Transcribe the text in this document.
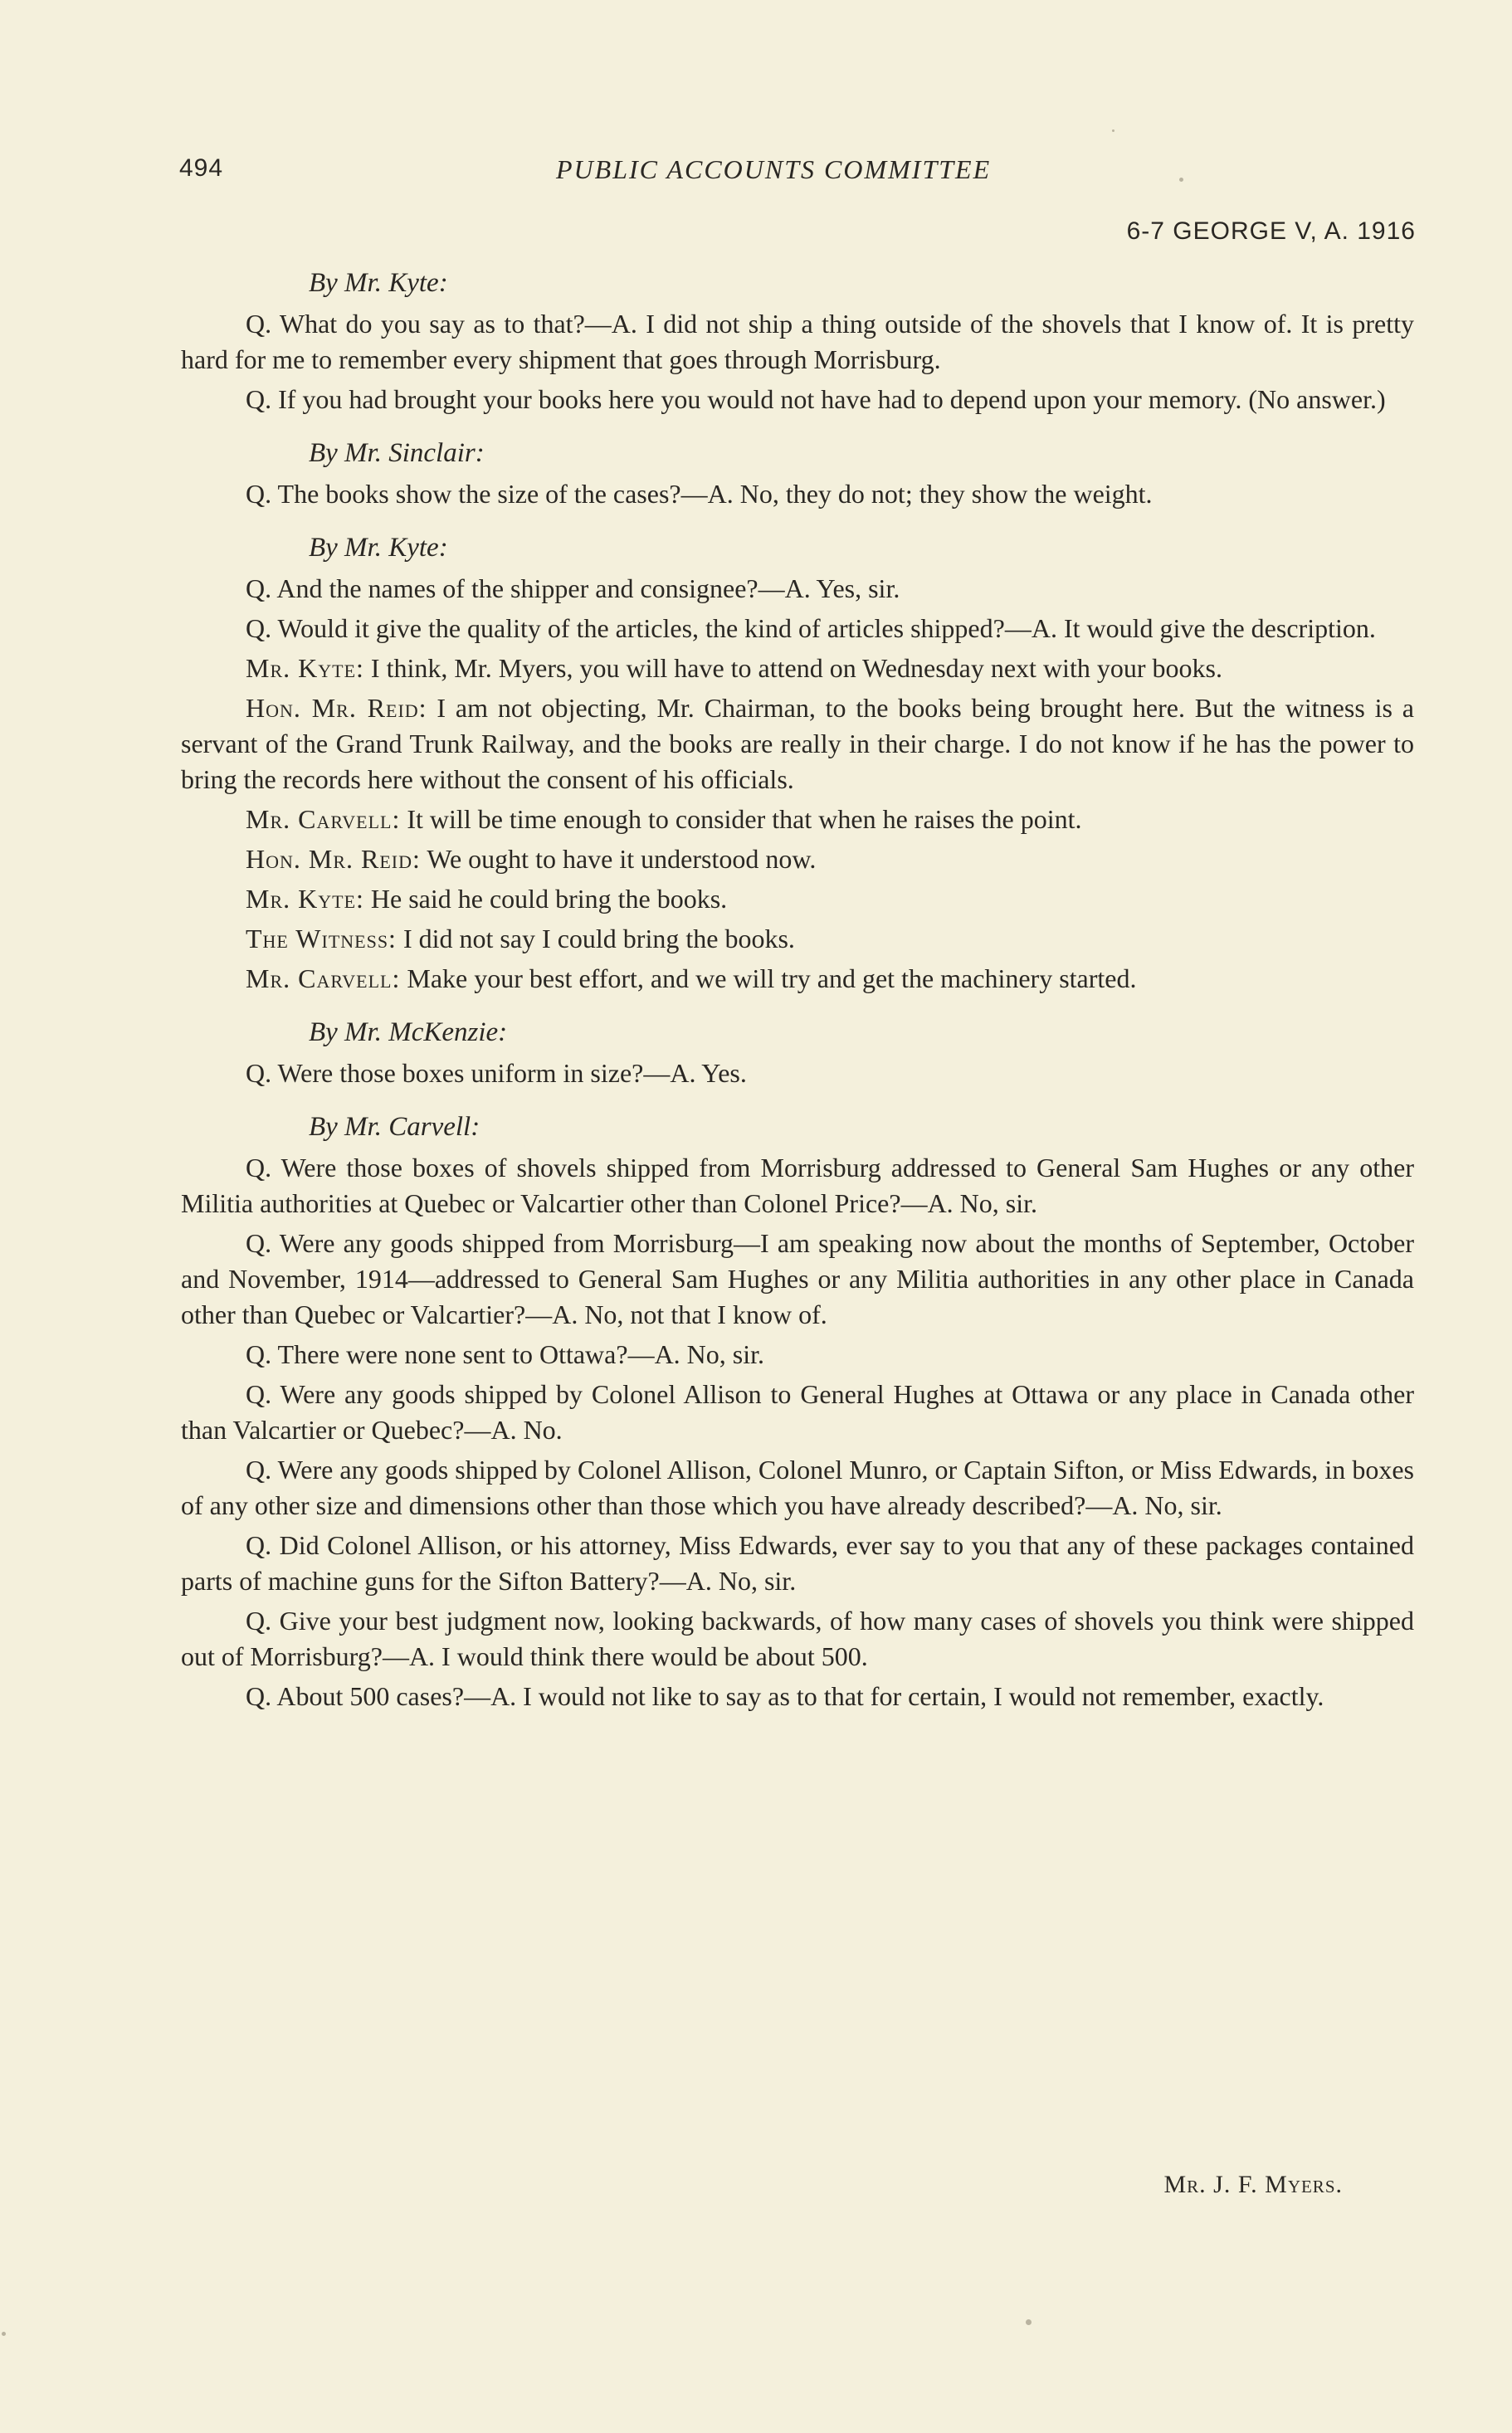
494	PUBLIC ACCOUNTS COMMITTEE
6-7 GEORGE V, A. 1916
By Mr. Kyte:

Q. What do you say as to that?—A. I did not ship a thing outside of the shovels that I know of. It is pretty hard for me to remember every shipment that goes through Morrisburg.

Q. If you had brought your books here you would not have had to depend upon your memory. (No answer.)

By Mr. Sinclair:

Q. The books show the size of the cases?—A. No, they do not; they show the weight.

By Mr. Kyte:

Q. And the names of the shipper and consignee?—A. Yes, sir.

Q. Would it give the quality of the articles, the kind of articles shipped?—A. It would give the description.

Mr. Kyte: I think, Mr. Myers, you will have to attend on Wednesday next with your books.

Hon. Mr. Reid: I am not objecting, Mr. Chairman, to the books being brought here. But the witness is a servant of the Grand Trunk Railway, and the books are really in their charge. I do not know if he has the power to bring the records here without the consent of his officials.

Mr. Carvell: It will be time enough to consider that when he raises the point.

Hon. Mr. Reid: We ought to have it understood now.

Mr. Kyte: He said he could bring the books.

The Witness: I did not say I could bring the books.

Mr. Carvell: Make your best effort, and we will try and get the machinery started.

By Mr. McKenzie:

Q. Were those boxes uniform in size?—A. Yes.

By Mr. Carvell:

Q. Were those boxes of shovels shipped from Morrisburg addressed to General Sam Hughes or any other Militia authorities at Quebec or Valcartier other than Colonel Price?—A. No, sir.

Q. Were any goods shipped from Morrisburg—I am speaking now about the months of September, October and November, 1914—addressed to General Sam Hughes or any Militia authorities in any other place in Canada other than Quebec or Valcartier?—A. No, not that I know of.

Q. There were none sent to Ottawa?—A. No, sir.

Q. Were any goods shipped by Colonel Allison to General Hughes at Ottawa or any place in Canada other than Valcartier or Quebec?—A. No.

Q. Were any goods shipped by Colonel Allison, Colonel Munro, or Captain Sifton, or Miss Edwards, in boxes of any other size and dimensions other than those which you have already described?—A. No, sir.

Q. Did Colonel Allison, or his attorney, Miss Edwards, ever say to you that any of these packages contained parts of machine guns for the Sifton Battery?—A. No, sir.

Q. Give your best judgment now, looking backwards, of how many cases of shovels you think were shipped out of Morrisburg?—A. I would think there would be about 500.

Q. About 500 cases?—A. I would not like to say as to that for certain, I would not remember, exactly.

Mr. J. F. Myers.
